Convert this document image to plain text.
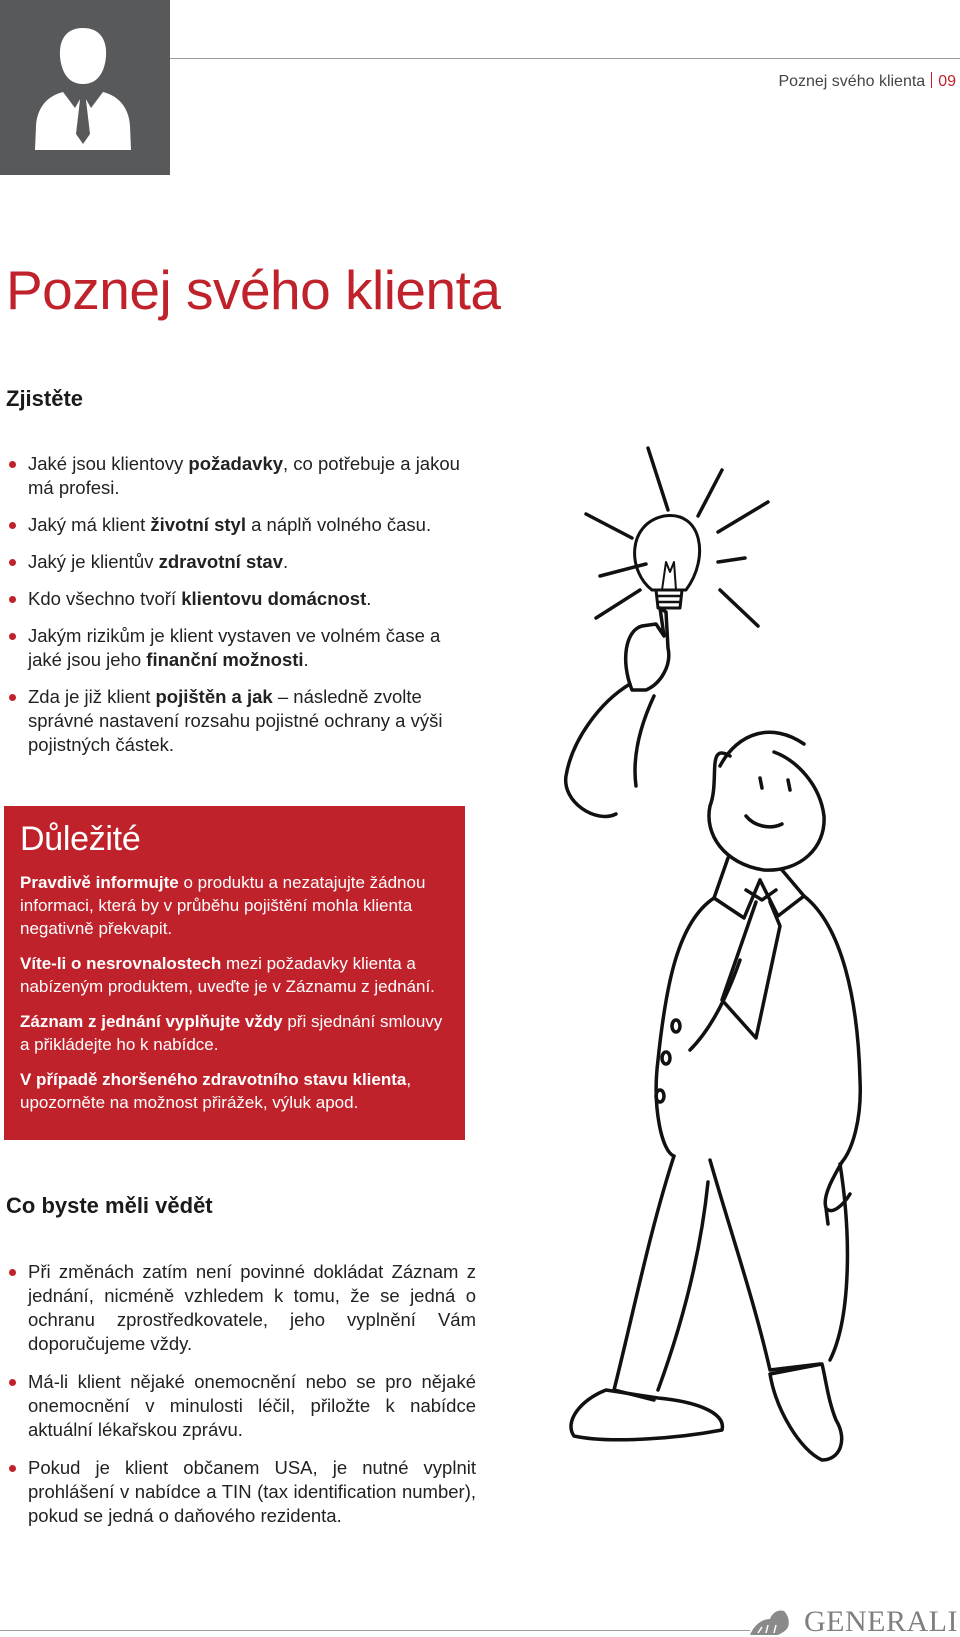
Poznej svého klienta 09
Poznej svého klienta
Zjistěte
Jaké jsou klientovy požadavky, co potřebuje a jakou má profesi.
Jaký má klient životní styl a náplň volného času.
Jaký je klientův zdravotní stav.
Kdo všechno tvoří klientovu domácnost.
Jakým rizikům je klient vystaven ve volném čase a jaké jsou jeho finanční možnosti.
Zda je již klient pojištěn a jak – následně zvolte správné nastavení rozsahu pojistné ochrany a výši pojistných částek.
Důležité

Pravdivě informujte o produktu a nezatajujte žádnou informaci, která by v průběhu pojištění mohla klienta negativně překvapit.

Víte-li o nesrovnalostech mezi požadavky klienta a nabízeným produktem, uveďte je v Záznamu z jednání.

Záznam z jednání vyplňujte vždy při sjednání smlouvy a přikládejte ho k nabídce.

V případě zhoršeného zdravotního stavu klienta, upozorněte na možnost přirážek, výluk apod.

Co byste měli vědět
Při změnách zatím není povinné dokládat Záznam z jednání, nicméně vzhledem k tomu, že se jedná o ochranu zprostředkovatele, jeho vyplnění Vám doporučujeme vždy.
Má-li klient nějaké onemocnění nebo se pro nějaké onemocnění v minulosti léčil, přiložte k nabídce aktuální lékařskou zprávu.
Pokud je klient občanem USA, je nutné vyplnit prohlášení v nabídce a TIN (tax identification number), pokud se jedná o daňového rezidenta.
GENERALI
